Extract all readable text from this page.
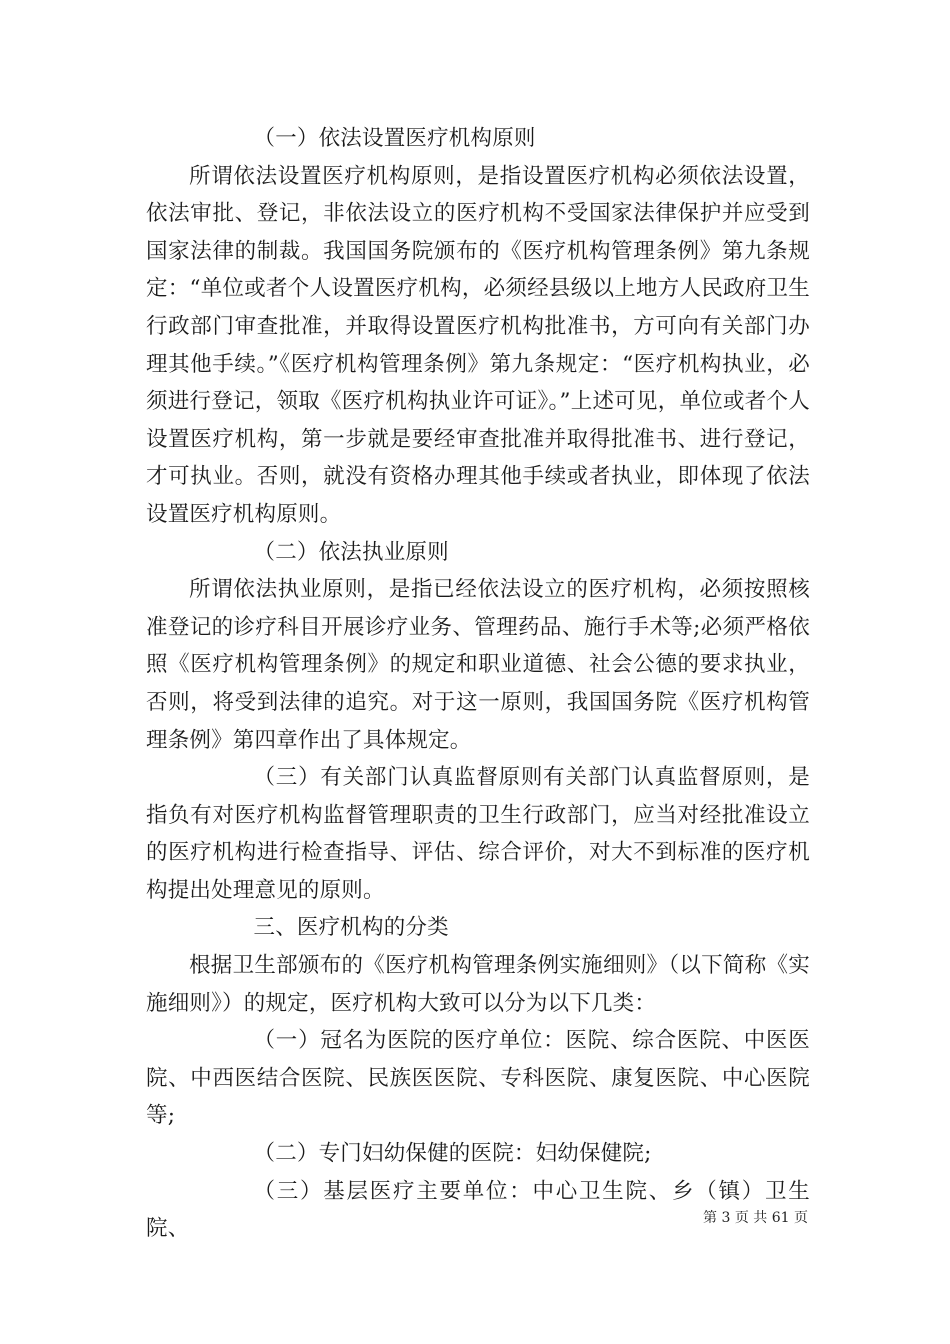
（一）依法设置医疗机构原则

所谓依法设置医疗机构原则，是指设置医疗机构必须依法设置，依法审批、登记，非依法设立的医疗机构不受国家法律保护并应受到国家法律的制裁。我国国务院颁布的《医疗机构管理条例》第九条规定：“单位或者个人设置医疗机构，必须经县级以上地方人民政府卫生行政部门审查批准，并取得设置医疗机构批准书，方可向有关部门办理其他手续。”《医疗机构管理条例》第九条规定：“医疗机构执业，必须进行登记，领取《医疗机构执业许可证》。”上述可见，单位或者个人设置医疗机构，第一步就是要经审查批准并取得批准书、进行登记，才可执业。否则，就没有资格办理其他手续或者执业，即体现了依法设置医疗机构原则。

（二）依法执业原则

所谓依法执业原则，是指已经依法设立的医疗机构，必须按照核准登记的诊疗科目开展诊疗业务、管理药品、施行手术等;必须严格依照《医疗机构管理条例》的规定和职业道德、社会公德的要求执业，否则，将受到法律的追究。对于这一原则，我国国务院《医疗机构管理条例》第四章作出了具体规定。

（三）有关部门认真监督原则有关部门认真监督原则，是指负有对医疗机构监督管理职责的卫生行政部门，应当对经批准设立的医疗机构进行检查指导、评估、综合评价，对大不到标准的医疗机构提出处理意见的原则。

三、医疗机构的分类

根据卫生部颁布的《医疗机构管理条例实施细则》（以下简称《实施细则》）的规定，医疗机构大致可以分为以下几类：

（一）冠名为医院的医疗单位：医院、综合医院、中医医院、中西医结合医院、民族医医院、专科医院、康复医院、中心医院等;

（二）专门妇幼保健的医院：妇幼保健院;

（三）基层医疗主要单位：中心卫生院、乡（镇）卫生院、	第 3 页 共 61 页
